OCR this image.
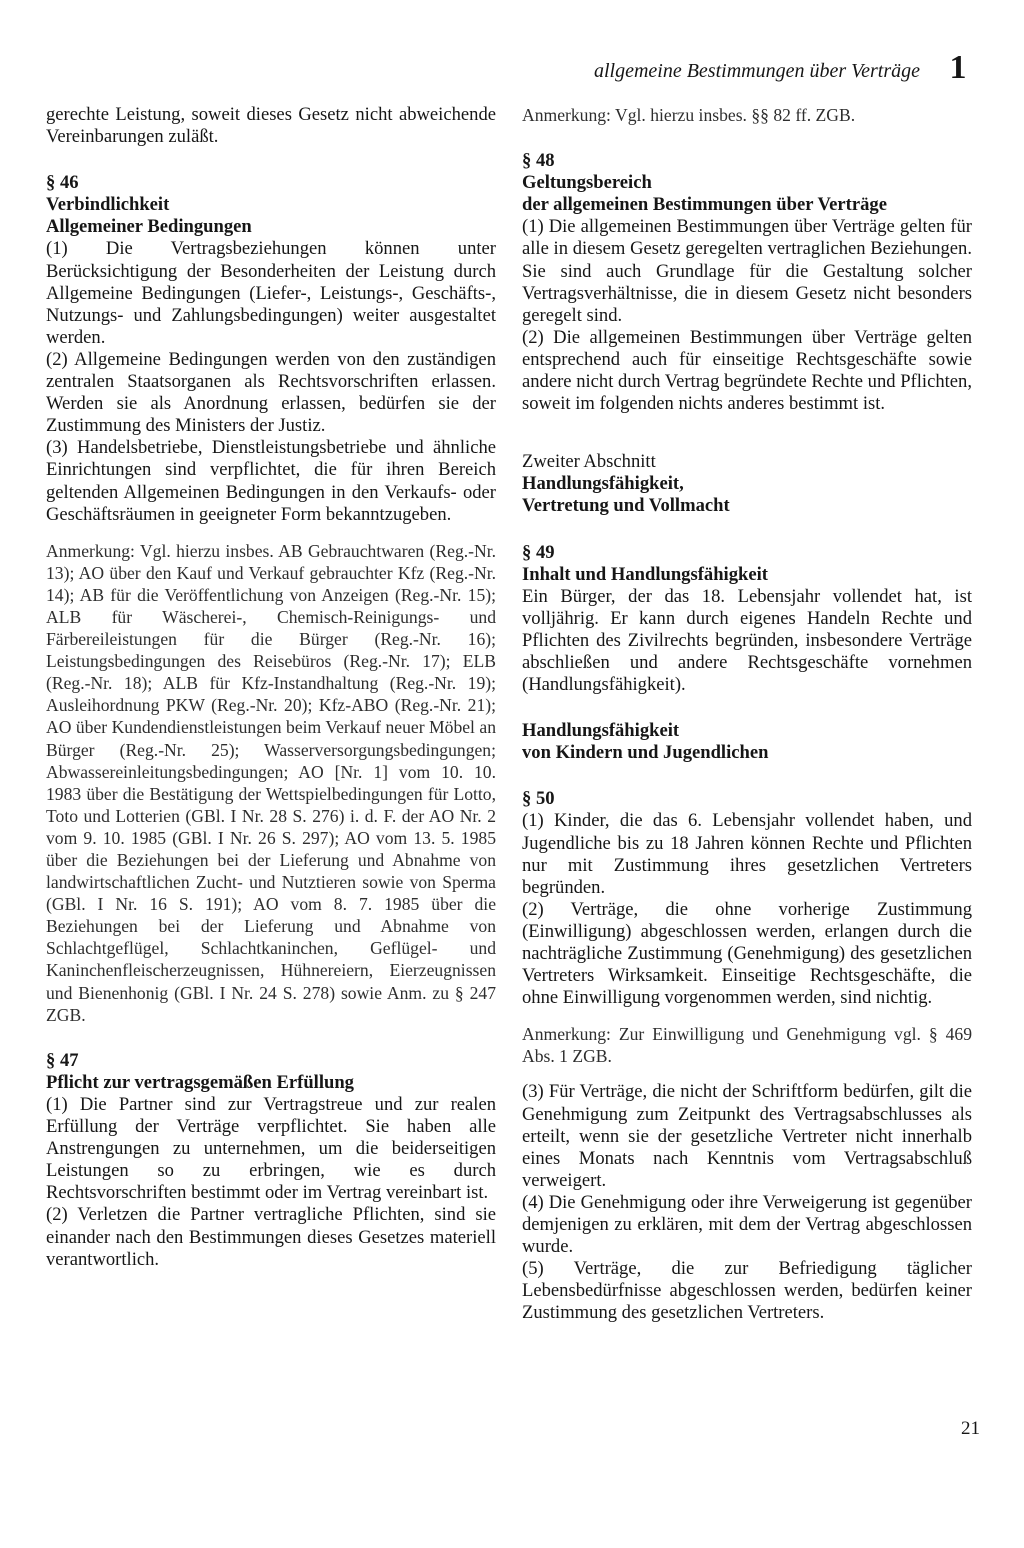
allgemeine Bestimmungen über Verträge 1

gerechte Leistung, soweit dieses Gesetz nicht abweichende Vereinbarungen zuläßt.

§ 46

Verbindlichkeit

Allgemeiner Bedingungen

(1) Die Vertragsbeziehungen können unter Berücksichtigung der Besonderheiten der Leistung durch Allgemeine Bedingungen (Liefer-, Leistungs-, Geschäfts-, Nutzungs- und Zahlungsbedingungen) weiter ausgestaltet werden.

(2) Allgemeine Bedingungen werden von den zuständigen zentralen Staatsorganen als Rechtsvorschriften erlassen. Werden sie als Anordnung erlassen, bedürfen sie der Zustimmung des Ministers der Justiz.

(3) Handelsbetriebe, Dienstleistungsbetriebe und ähnliche Einrichtungen sind verpflichtet, die für ihren Bereich geltenden Allgemeinen Bedingungen in den Verkaufs- oder Geschäftsräumen in geeigneter Form bekanntzugeben.

Anmerkung: Vgl. hierzu insbes. AB Gebrauchtwaren (Reg.-Nr. 13); AO über den Kauf und Verkauf gebrauchter Kfz (Reg.-Nr. 14); AB für die Veröffentlichung von Anzeigen (Reg.-Nr. 15); ALB für Wäscherei-, Chemisch-Reinigungs- und Färbereileistungen für die Bürger (Reg.-Nr. 16); Leistungsbedingungen des Reisebüros (Reg.-Nr. 17); ELB (Reg.-Nr. 18); ALB für Kfz-Instandhaltung (Reg.-Nr. 19); Ausleihordnung PKW (Reg.-Nr. 20); Kfz-ABO (Reg.-Nr. 21); AO über Kundendienstleistungen beim Verkauf neuer Möbel an Bürger (Reg.-Nr. 25); Wasserversorgungsbedingungen; Abwassereinleitungsbedingungen; AO [Nr. 1] vom 10. 10. 1983 über die Bestätigung der Wettspielbedingungen für Lotto, Toto und Lotterien (GBl. I Nr. 28 S. 276) i. d. F. der AO Nr. 2 vom 9. 10. 1985 (GBl. I Nr. 26 S. 297); AO vom 13. 5. 1985 über die Beziehungen bei der Lieferung und Abnahme von landwirtschaftlichen Zucht- und Nutztieren sowie von Sperma (GBl. I Nr. 16 S. 191); AO vom 8. 7. 1985 über die Beziehungen bei der Lieferung und Abnahme von Schlachtgeflügel, Schlachtkaninchen, Geflügel- und Kaninchenfleischerzeugnissen, Hühnereiern, Eierzeugnissen und Bienenhonig (GBl. I Nr. 24 S. 278) sowie Anm. zu § 247 ZGB.

§ 47

Pflicht zur vertragsgemäßen Erfüllung

(1) Die Partner sind zur Vertragstreue und zur realen Erfüllung der Verträge verpflichtet. Sie haben alle Anstrengungen zu unternehmen, um die beiderseitigen Leistungen so zu erbringen, wie es durch Rechtsvorschriften bestimmt oder im Vertrag vereinbart ist.

(2) Verletzen die Partner vertragliche Pflichten, sind sie einander nach den Bestimmungen dieses Gesetzes materiell verantwortlich.

Anmerkung: Vgl. hierzu insbes. §§ 82 ff. ZGB.

§ 48

Geltungsbereich

der allgemeinen Bestimmungen über Verträge

(1) Die allgemeinen Bestimmungen über Verträge gelten für alle in diesem Gesetz geregelten vertraglichen Beziehungen. Sie sind auch Grundlage für die Gestaltung solcher Vertragsverhältnisse, die in diesem Gesetz nicht besonders geregelt sind.

(2) Die allgemeinen Bestimmungen über Verträge gelten entsprechend auch für einseitige Rechtsgeschäfte sowie andere nicht durch Vertrag begründete Rechte und Pflichten, soweit im folgenden nichts anderes bestimmt ist.

Zweiter Abschnitt

Handlungsfähigkeit,

Vertretung und Vollmacht

§ 49

Inhalt und Handlungsfähigkeit

Ein Bürger, der das 18. Lebensjahr vollendet hat, ist volljährig. Er kann durch eigenes Handeln Rechte und Pflichten des Zivilrechts begründen, insbesondere Verträge abschließen und andere Rechtsgeschäfte vornehmen (Handlungsfähigkeit).

Handlungsfähigkeit

von Kindern und Jugendlichen

§ 50

(1) Kinder, die das 6. Lebensjahr vollendet haben, und Jugendliche bis zu 18 Jahren können Rechte und Pflichten nur mit Zustimmung ihres gesetzlichen Vertreters begründen.

(2) Verträge, die ohne vorherige Zustimmung (Einwilligung) abgeschlossen werden, erlangen durch die nachträgliche Zustimmung (Genehmigung) des gesetzlichen Vertreters Wirksamkeit. Einseitige Rechtsgeschäfte, die ohne Einwilligung vorgenommen werden, sind nichtig.

Anmerkung: Zur Einwilligung und Genehmigung vgl. § 469 Abs. 1 ZGB.

(3) Für Verträge, die nicht der Schriftform bedürfen, gilt die Genehmigung zum Zeitpunkt des Vertragsabschlusses als erteilt, wenn sie der gesetzliche Vertreter nicht innerhalb eines Monats nach Kenntnis vom Vertragsabschluß verweigert.

(4) Die Genehmigung oder ihre Verweigerung ist gegenüber demjenigen zu erklären, mit dem der Vertrag abgeschlossen wurde.

(5) Verträge, die zur Befriedigung täglicher Lebensbedürfnisse abgeschlossen werden, bedürfen keiner Zustimmung des gesetzlichen Vertreters.

21
